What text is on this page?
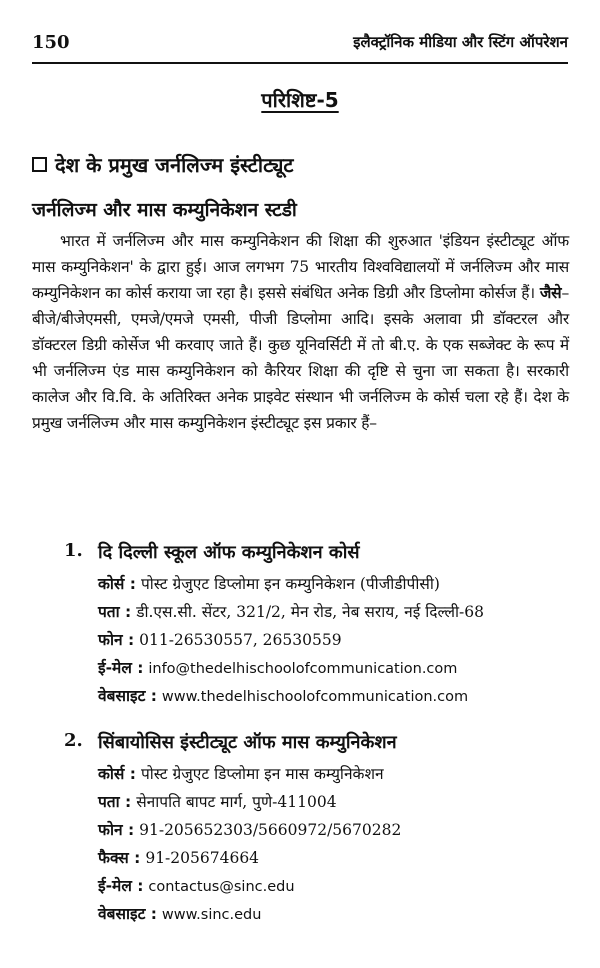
150	इलैक्ट्रॉनिक मीडिया और स्टिंग ऑपरेशन
परिशिष्ट-5
देश के प्रमुख जर्नलिज्म इंस्टीट्यूट
जर्नलिज्म और मास कम्युनिकेशन स्टडी

भारत में जर्नलिज्म और मास कम्युनिकेशन की शिक्षा की शुरुआत 'इंडियन इंस्टीट्यूट ऑफ मास कम्युनिकेशन' के द्वारा हुई। आज लगभग 75 भारतीय विश्वविद्यालयों में जर्नलिज्म और मास कम्युनिकेशन का कोर्स कराया जा रहा है। इससे संबंधित अनेक डिग्री और डिप्लोमा कोर्सज हैं। जैसे–बीजे/बीजेएमसी, एमजे/एमजे एमसी, पीजी डिप्लोमा आदि। इसके अलावा प्री डॉक्टरल और डॉक्टरल डिग्री कोर्सेज भी करवाए जाते हैं। कुछ यूनिवर्सिटी में तो बी.ए. के एक सब्जेक्ट के रूप में भी जर्नलिज्म एंड मास कम्युनिकेशन को कैरियर शिक्षा की दृष्टि से चुना जा सकता है। सरकारी कालेज और वि.वि. के अतिरिक्त अनेक प्राइवेट संस्थान भी जर्नलिज्म के कोर्स चला रहे हैं। देश के प्रमुख जर्नलिज्म और मास कम्युनिकेशन इंस्टीट्यूट इस प्रकार हैं–

1. दि दिल्ली स्कूल ऑफ कम्युनिकेशन कोर्स
कोर्स : पोस्ट ग्रेजुएट डिप्लोमा इन कम्युनिकेशन (पीजीडीपीसी)
पता : डी.एस.सी. सेंटर, 321/2, मेन रोड, नेब सराय, नई दिल्ली-68
फोन : 011-26530557, 26530559
ई-मेल : info@thedelhischoolofcommunication.com
वेबसाइट : www.thedelhischoolofcommunication.com
2. सिंबायोसिस इंस्टीट्यूट ऑफ मास कम्युनिकेशन
कोर्स : पोस्ट ग्रेजुएट डिप्लोमा इन मास कम्युनिकेशन
पता : सेनापति बापट मार्ग, पुणे-411004
फोन : 91-205652303/5660972/5670282
फैक्स : 91-205674664
ई-मेल : contactus@sinc.edu
वेबसाइट : www.sinc.edu
